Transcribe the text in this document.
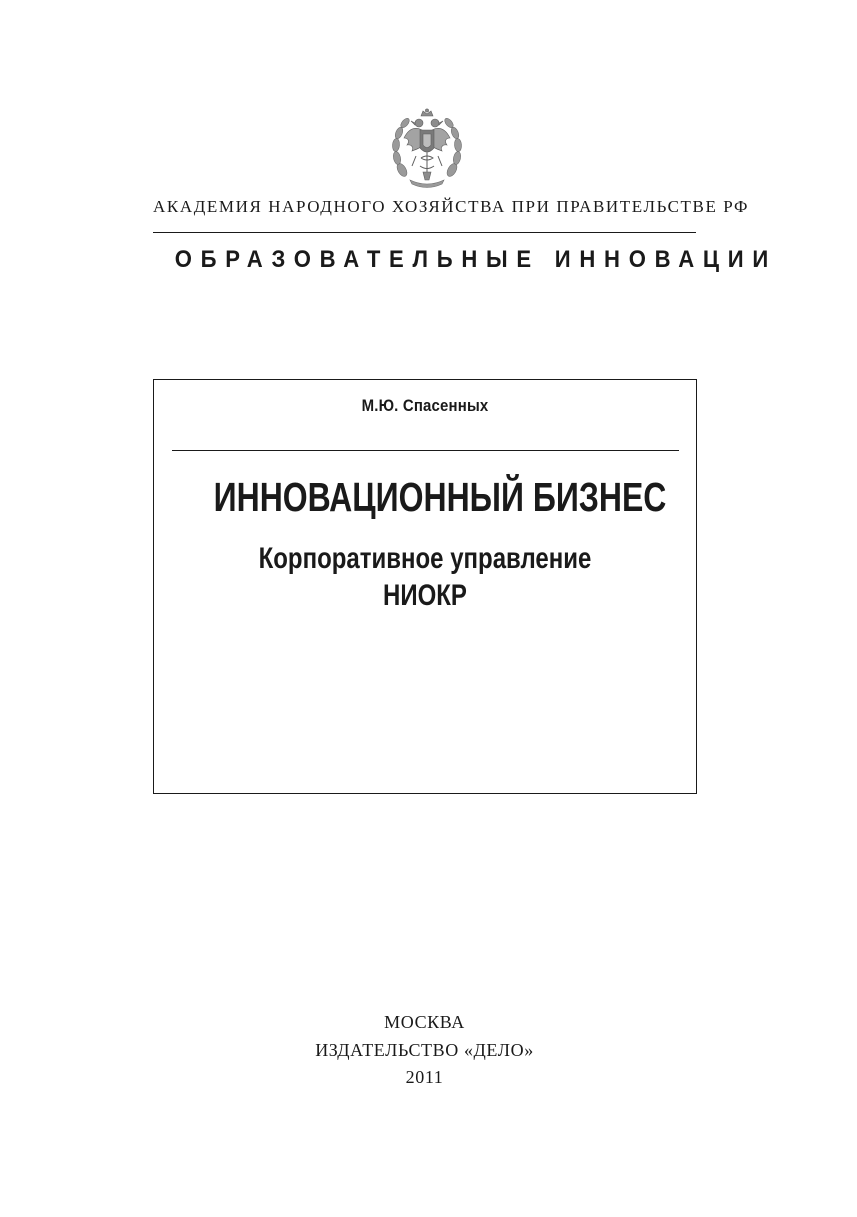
АКАДЕМИЯ НАРОДНОГО ХОЗЯЙСТВА ПРИ ПРАВИТЕЛЬСТВЕ РФ
ОБРАЗОВАТЕЛЬНЫЕ ИННОВАЦИИ
М.Ю. Спасенных
ИННОВАЦИОННЫЙ БИЗНЕС
Корпоративное управление
НИОКР
МОСКВА
ИЗДАТЕЛЬСТВО «ДЕЛО»
2011
